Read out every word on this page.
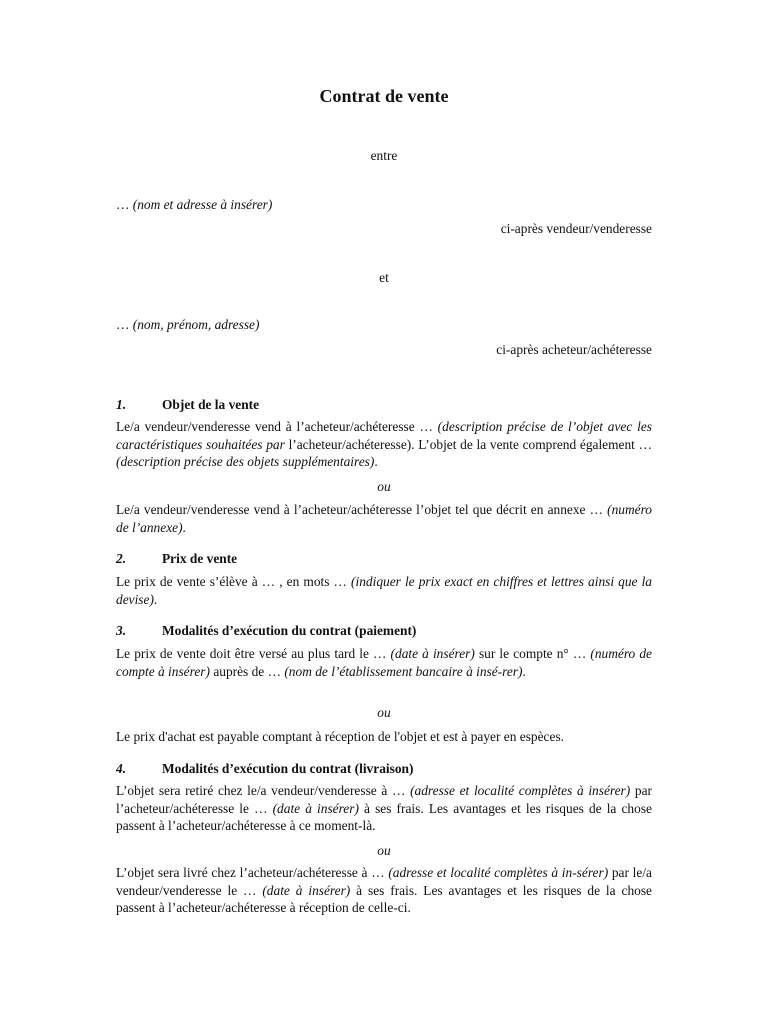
Contrat de vente
entre
… (nom et adresse à insérer)
ci-après vendeur/venderesse
et
… (nom, prénom, adresse)
ci-après acheteur/achéteresse
1.	Objet de la vente
Le/a vendeur/venderesse vend à l’acheteur/achéteresse … (description précise de l’objet avec les caractéristiques souhaitées par l’acheteur/achéteresse). L’objet de la vente comprend également … (description précise des objets supplémentaires).
ou
Le/a vendeur/venderesse vend à l’acheteur/achéteresse l’objet tel que décrit en annexe … (numéro de l’annexe).
2.	Prix de vente
Le prix de vente s’élève à … , en mots … (indiquer le prix exact en chiffres et lettres ainsi que la devise).
3.	Modalités d’exécution du contrat (paiement)
Le prix de vente doit être versé au plus tard le … (date à insérer) sur le compte n° … (numéro de compte à insérer) auprès de … (nom de l’établissement bancaire à insé-rer).
ou
Le prix d'achat est payable comptant à réception de l'objet et est à payer en espèces.
4.	Modalités d’exécution du contrat (livraison)
L’objet sera retiré chez le/a vendeur/venderesse à … (adresse et localité complètes à insérer) par l’acheteur/achéteresse le … (date à insérer) à ses frais. Les avantages et les risques de la chose passent à l’acheteur/achéteresse à ce moment-là.
ou
L’objet sera livré chez l’acheteur/achéteresse à … (adresse et localité complètes à in-sérer) par le/a vendeur/venderesse le … (date à insérer) à ses frais. Les avantages et les risques de la chose passent à l’acheteur/achéteresse à réception de celle-ci.
